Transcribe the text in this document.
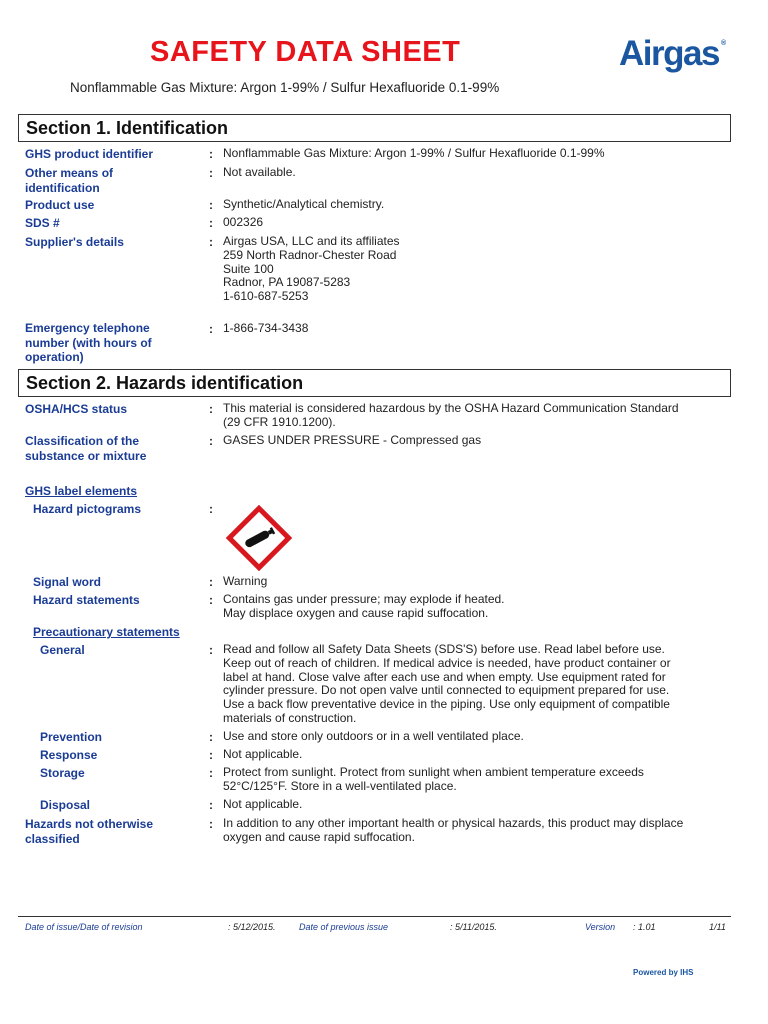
SAFETY DATA SHEET
Nonflammable Gas Mixture: Argon 1-99% / Sulfur Hexafluoride 0.1-99%
Airgas ®
Section 1. Identification
GHS product identifier	: Nonflammable Gas Mixture: Argon 1-99% / Sulfur Hexafluoride 0.1-99%
Other means of
identification
: Not available.
Product use	: Synthetic/Analytical chemistry.
SDS #	: 002326
Supplier's details	: Airgas USA, LLC and its affiliates
259 North Radnor-Chester Road
Suite 100
Radnor, PA 19087-5283
1-610-687-5253
Emergency telephone
number (with hours of
operation)
: 1-866-734-3438
Section 2. Hazards identification
OSHA/HCS status	: This material is considered hazardous by the OSHA Hazard Communication Standard
(29 CFR 1910.1200).
Classification of the
substance or mixture
: GASES UNDER PRESSURE - Compressed gas
GHS label elements
Hazard pictograms	:
Signal word	: Warning
Hazard statements	: Contains gas under pressure; may explode if heated.
May displace oxygen and cause rapid suffocation.
Precautionary statements
General	: Read and follow all Safety Data Sheets (SDS'S) before use. Read label before use.
Keep out of reach of children. If medical advice is needed, have product container or
label at hand. Close valve after each use and when empty. Use equipment rated for
cylinder pressure. Do not open valve until connected to equipment prepared for use.
Use a back flow preventative device in the piping. Use only equipment of compatible
materials of construction.
Prevention	: Use and store only outdoors or in a well ventilated place.
Response	: Not applicable.
Storage	: Protect from sunlight. Protect from sunlight when ambient temperature exceeds
52°C/125°F. Store in a well-ventilated place.
Disposal	: Not applicable.
Hazards not otherwise
classified
: In addition to any other important health or physical hazards, this product may displace
oxygen and cause rapid suffocation.
Date of issue/Date of revision	: 5/12/2015.	Date of previous issue	: 5/11/2015.	Version : 1.01	1/11
Powered by IHS
